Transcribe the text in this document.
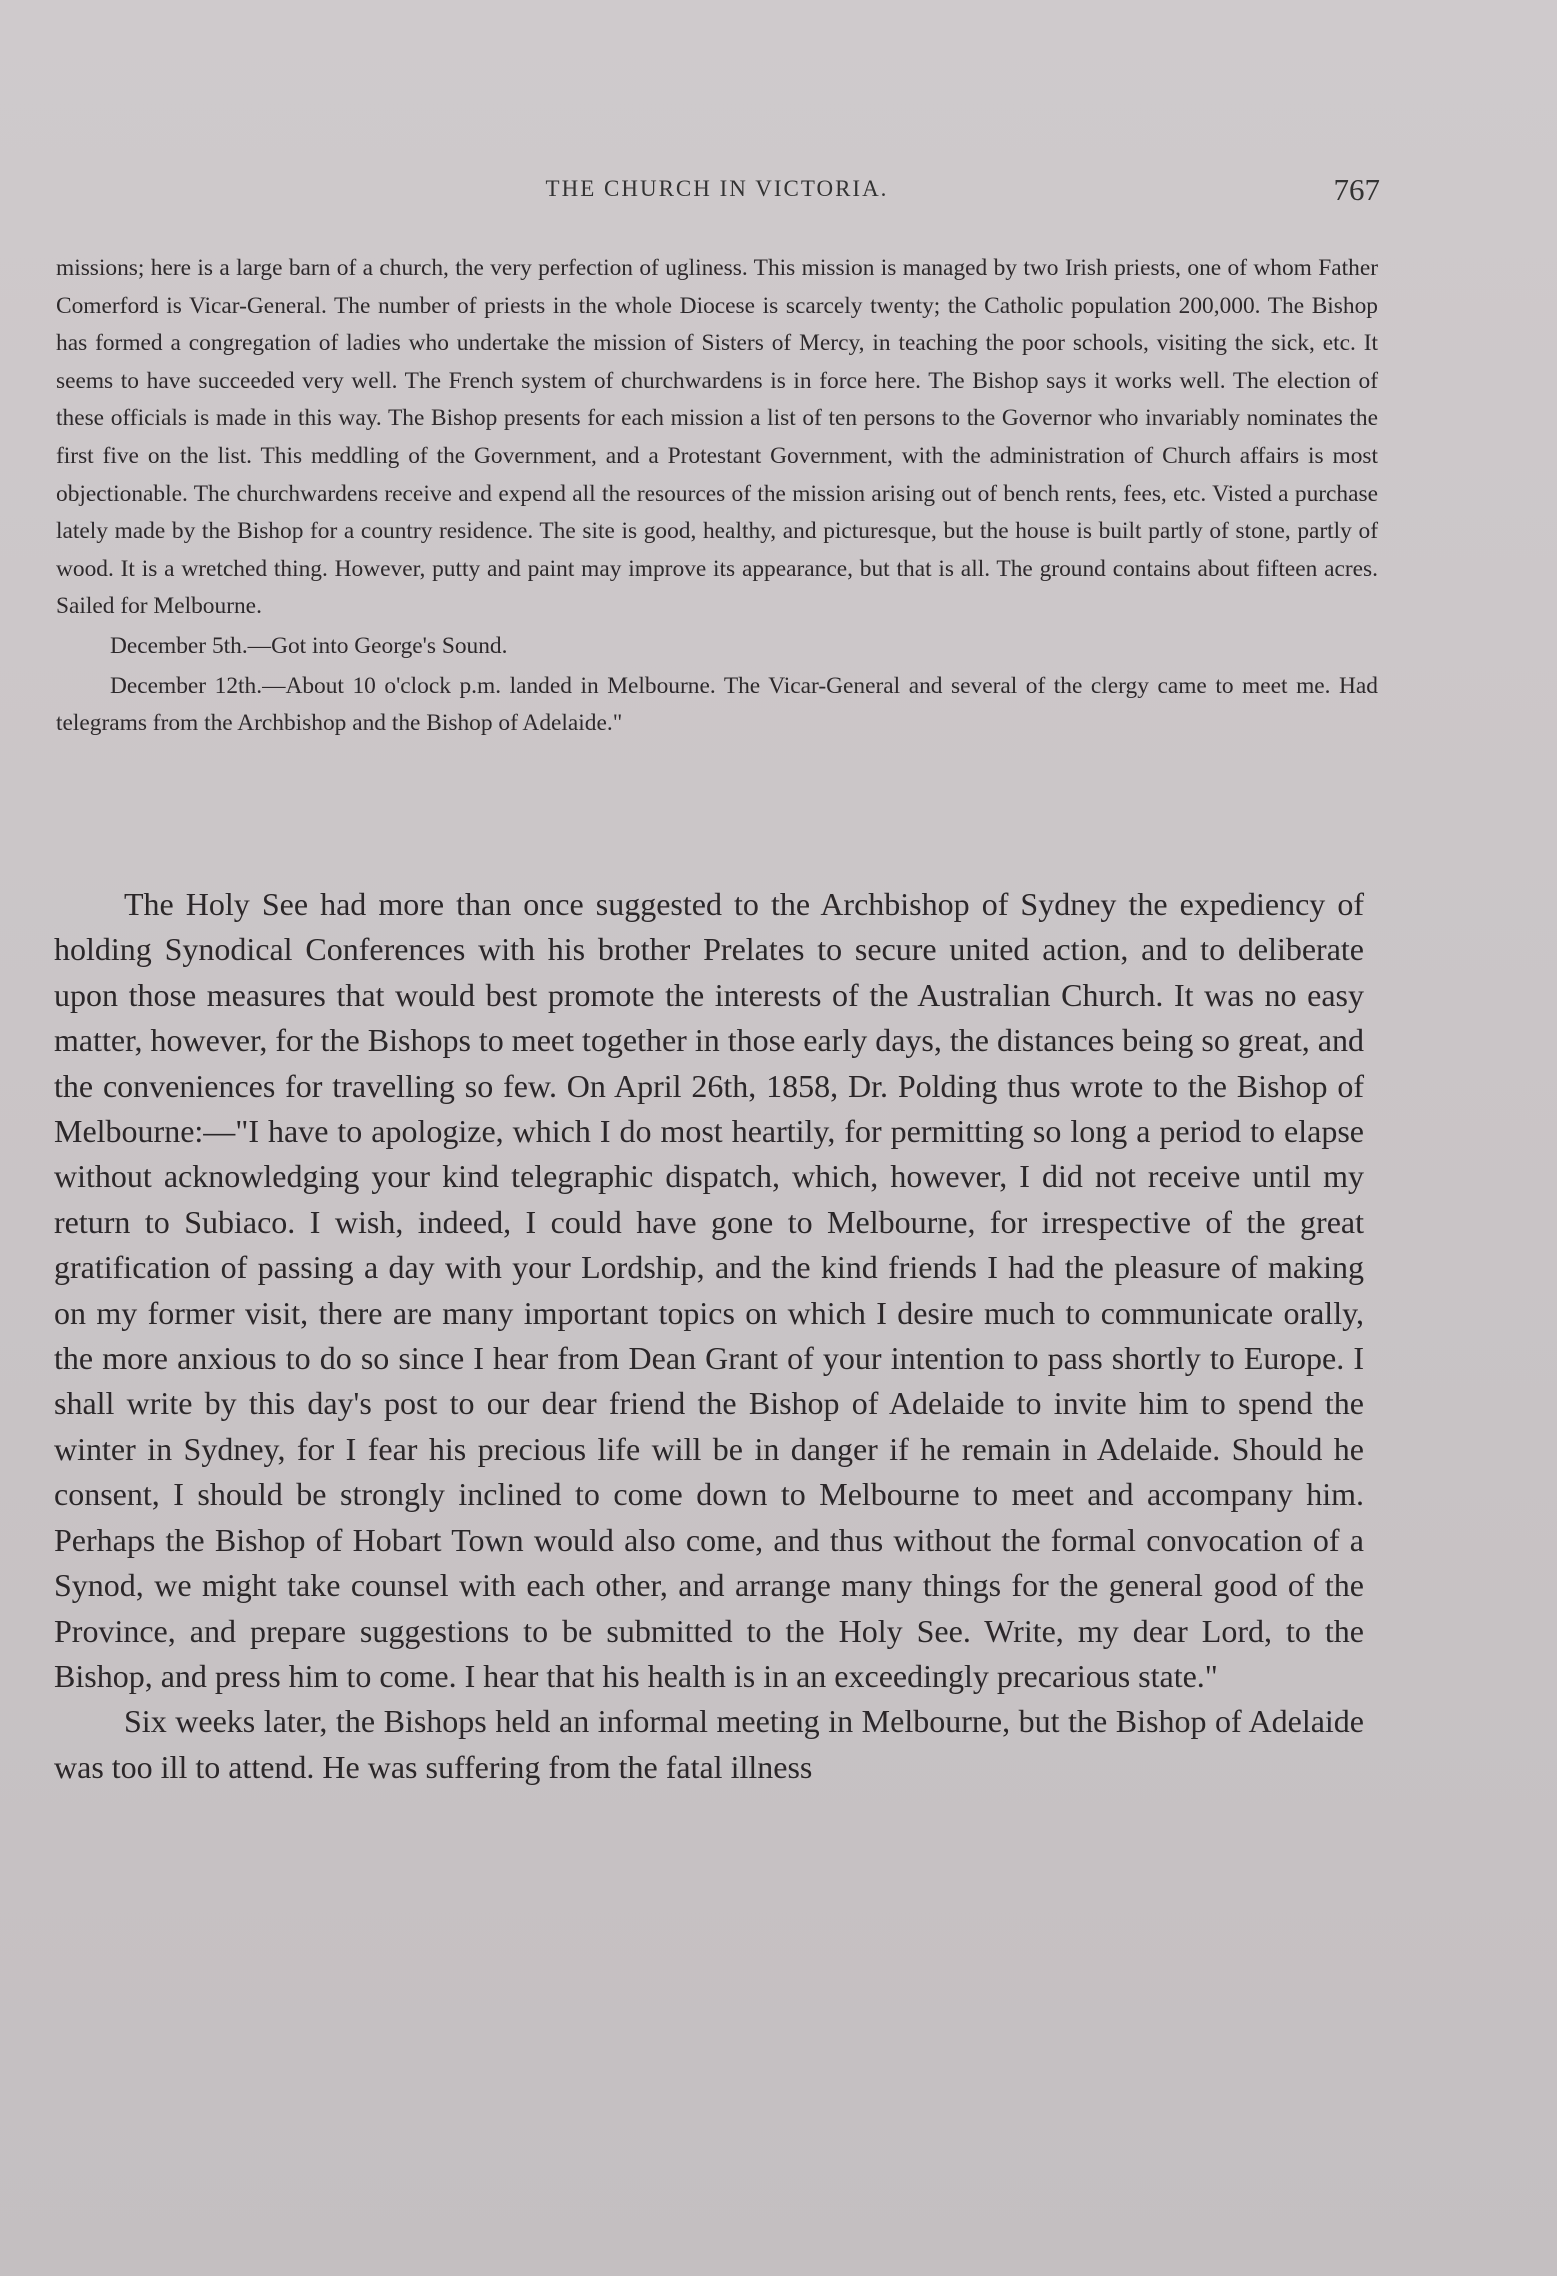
THE CHURCH IN VICTORIA.	767

missions; here is a large barn of a church, the very perfection of ugliness. This mission is managed by two Irish priests, one of whom Father Comerford is Vicar-General. The number of priests in the whole Diocese is scarcely twenty; the Catholic population 200,000. The Bishop has formed a congregation of ladies who undertake the mission of Sisters of Mercy, in teaching the poor schools, visiting the sick, etc. It seems to have succeeded very well. The French system of churchwardens is in force here. The Bishop says it works well. The election of these officials is made in this way. The Bishop presents for each mission a list of ten persons to the Governor who invariably nominates the first five on the list. This meddling of the Government, and a Protestant Government, with the administration of Church affairs is most objectionable. The churchwardens receive and expend all the resources of the mission arising out of bench rents, fees, etc. Visted a purchase lately made by the Bishop for a country residence. The site is good, healthy, and picturesque, but the house is built partly of stone, partly of wood. It is a wretched thing. However, putty and paint may improve its appearance, but that is all. The ground contains about fifteen acres. Sailed for Melbourne.

December 5th.—Got into George's Sound.

December 12th.—About 10 o'clock p.m. landed in Melbourne. The Vicar-General and several of the clergy came to meet me. Had telegrams from the Archbishop and the Bishop of Adelaide."

The Holy See had more than once suggested to the Archbishop of Sydney the expediency of holding Synodical Conferences with his brother Prelates to secure united action, and to deliberate upon those measures that would best promote the interests of the Australian Church. It was no easy matter, however, for the Bishops to meet together in those early days, the distances being so great, and the conveniences for travelling so few. On April 26th, 1858, Dr. Polding thus wrote to the Bishop of Melbourne:—"I have to apologize, which I do most heartily, for permitting so long a period to elapse without acknowledging your kind telegraphic dispatch, which, however, I did not receive until my return to Subiaco. I wish, indeed, I could have gone to Melbourne, for irrespective of the great gratification of passing a day with your Lordship, and the kind friends I had the pleasure of making on my former visit, there are many important topics on which I desire much to communicate orally, the more anxious to do so since I hear from Dean Grant of your intention to pass shortly to Europe. I shall write by this day's post to our dear friend the Bishop of Adelaide to invite him to spend the winter in Sydney, for I fear his precious life will be in danger if he remain in Adelaide. Should he consent, I should be strongly inclined to come down to Melbourne to meet and accompany him. Perhaps the Bishop of Hobart Town would also come, and thus without the formal convocation of a Synod, we might take counsel with each other, and arrange many things for the general good of the Province, and prepare suggestions to be submitted to the Holy See. Write, my dear Lord, to the Bishop, and press him to come. I hear that his health is in an exceedingly precarious state."

Six weeks later, the Bishops held an informal meeting in Melbourne, but the Bishop of Adelaide was too ill to attend. He was suffering from the fatal illness
